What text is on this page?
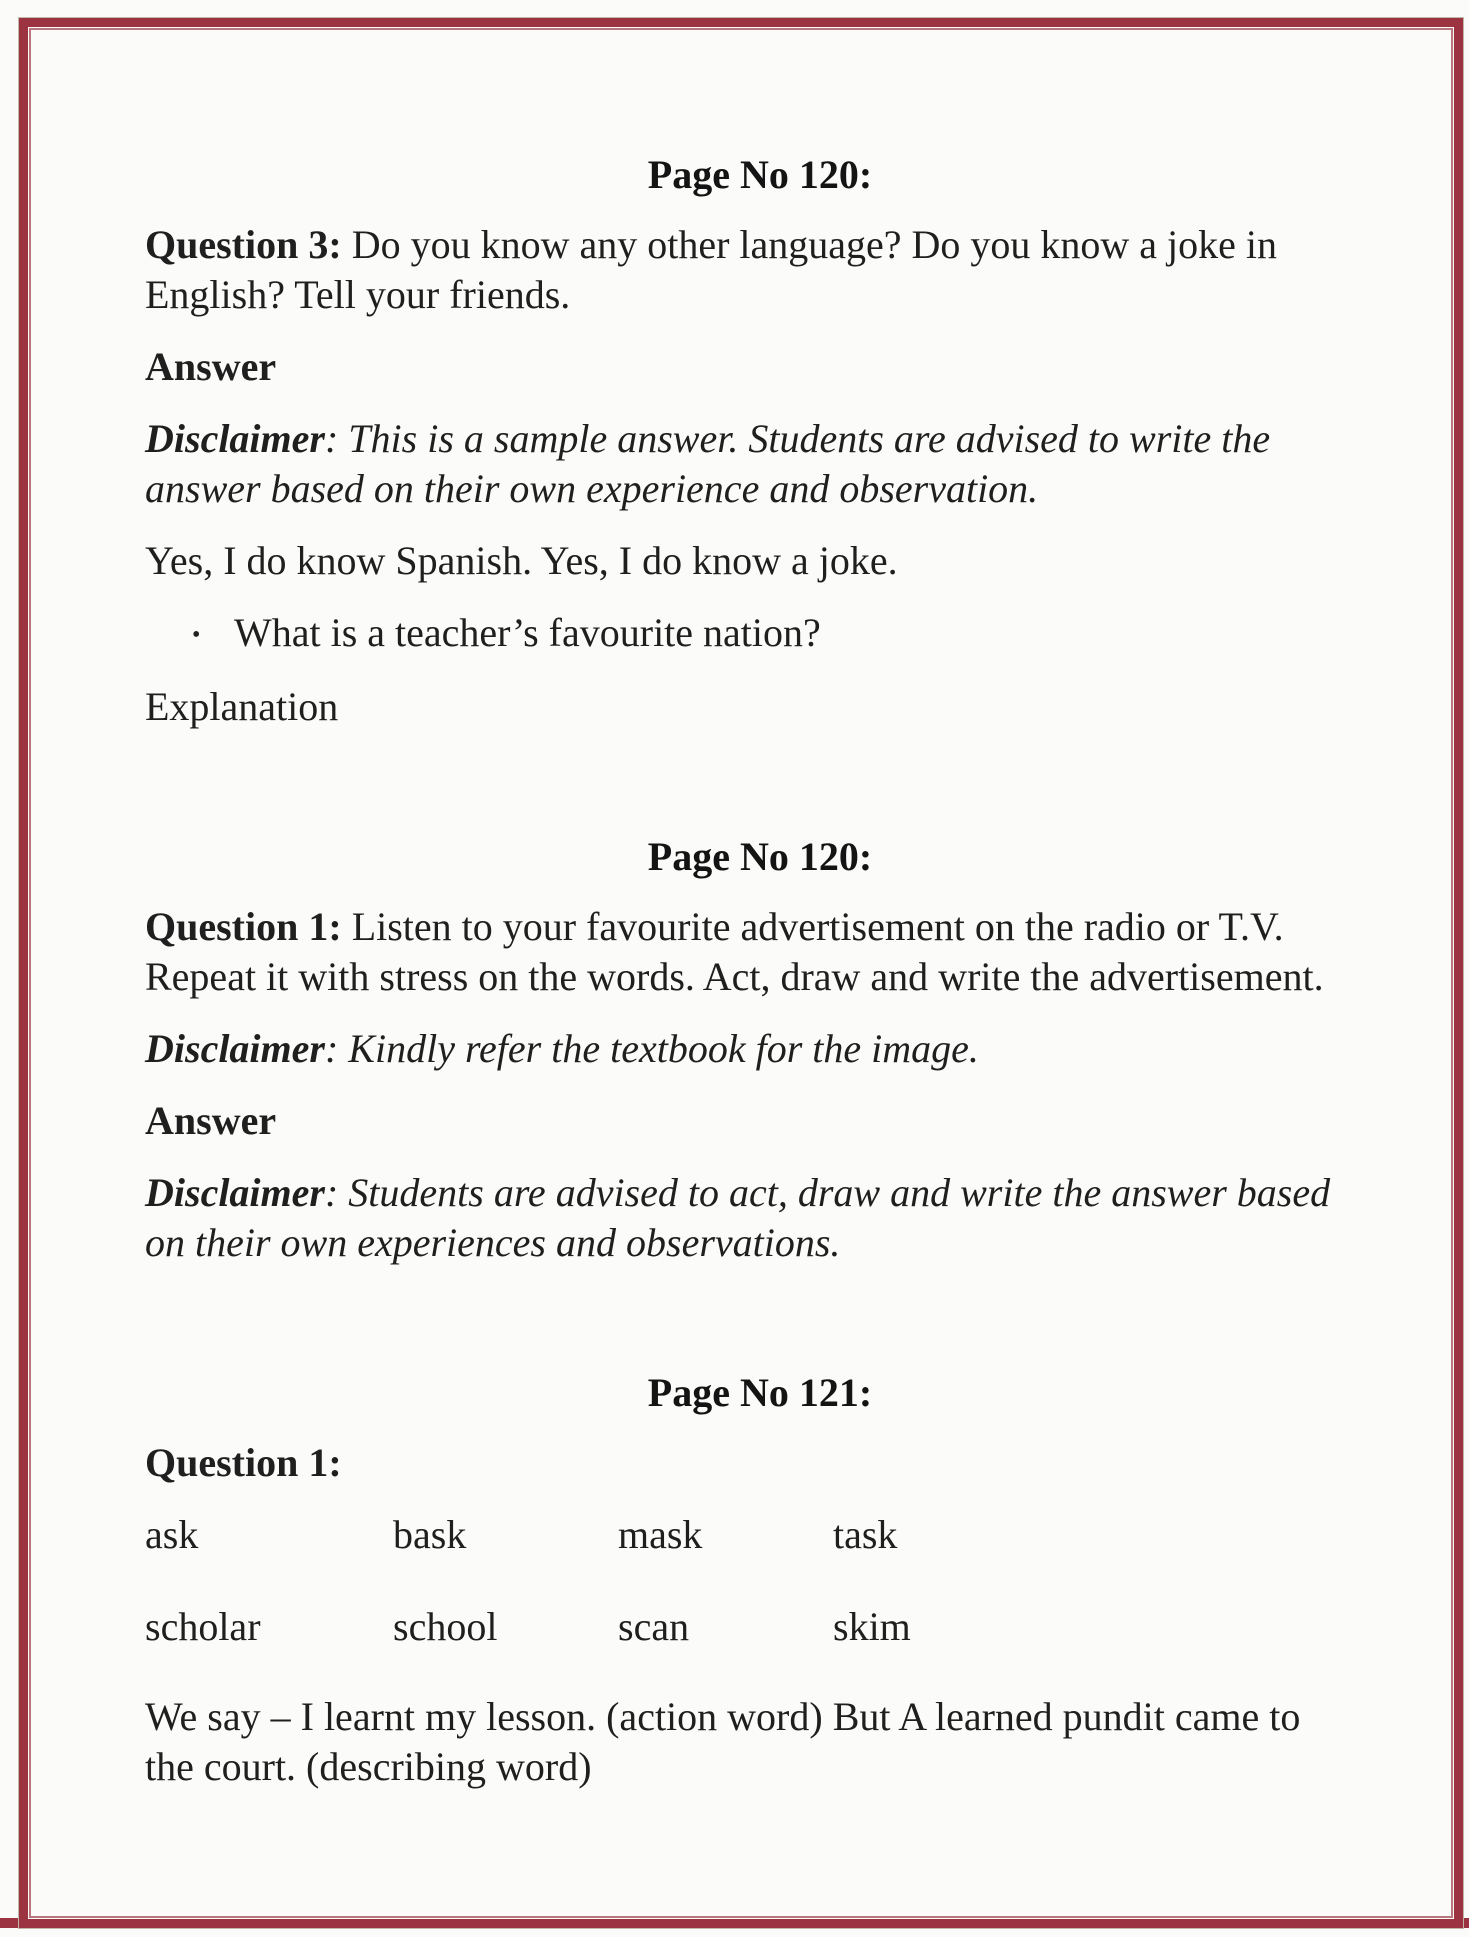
Page No 120:

Question 3: Do you know any other language? Do you know a joke in
English? Tell your friends.

Answer

Disclaimer: This is a sample answer. Students are advised to write the
answer based on their own experience and observation.

Yes, I do know Spanish. Yes, I do know a joke.

• What is a teacher’s favourite nation?

Explanation

Page No 120:

Question 1: Listen to your favourite advertisement on the radio or T.V.
Repeat it with stress on the words. Act, draw and write the advertisement.

Disclaimer: Kindly refer the textbook for the image.

Answer

Disclaimer: Students are advised to act, draw and write the answer based
on their own experiences and observations.

Page No 121:

Question 1:

ask	bask	mask	task
scholar	school	scan	skim

We say – I learnt my lesson. (action word) But A learned pundit came to
the court. (describing word)
